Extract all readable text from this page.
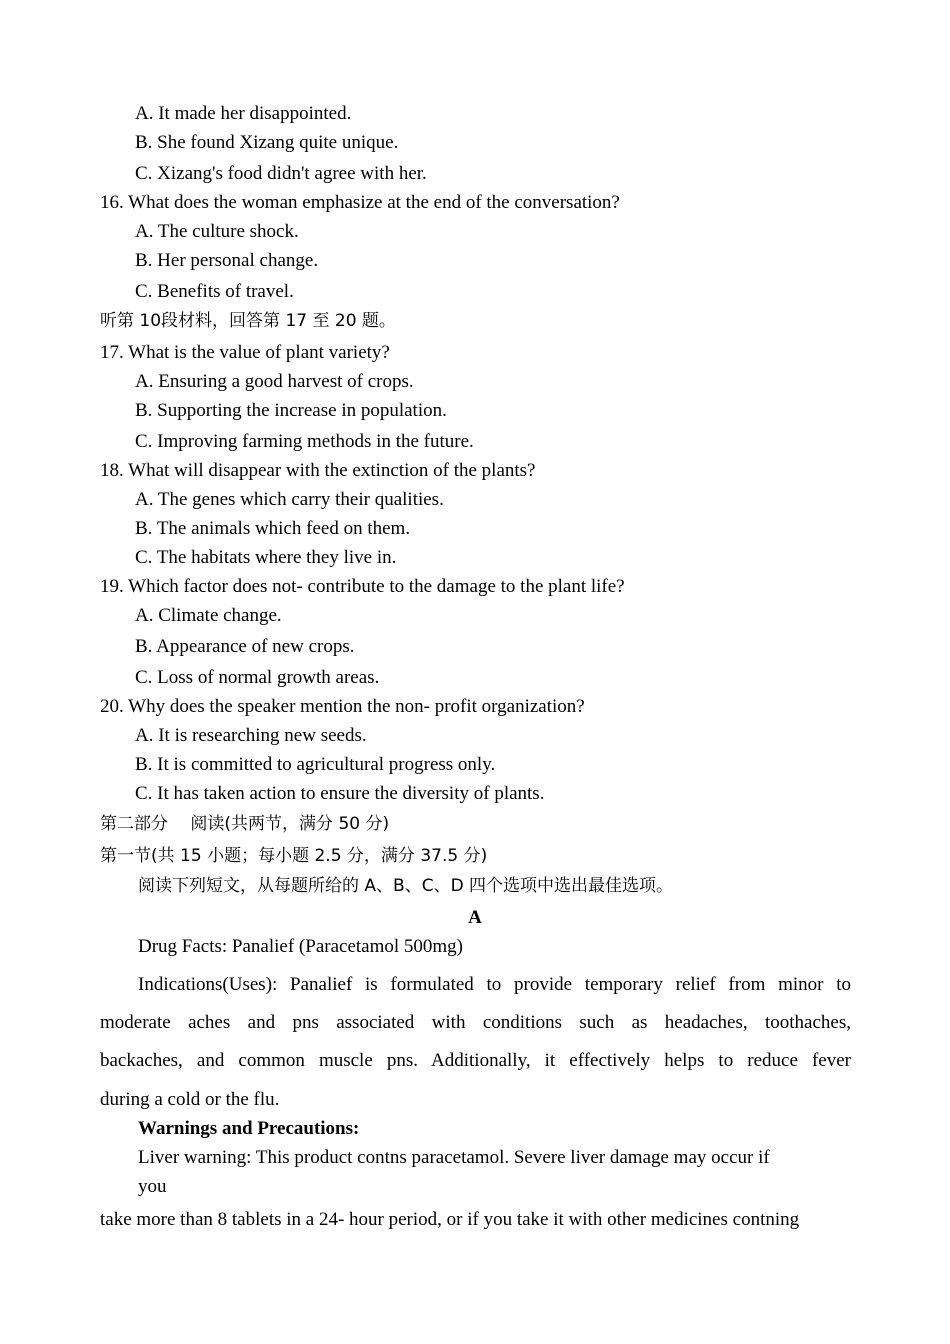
A. It made her disappointed.
B. She found Xizang quite unique.
C. Xizang's food didn't agree with her.
16. What does the woman emphasize at the end of the conversation?
A. The culture shock.
B. Her personal change.
C. Benefits of travel.
听第 10段材料，回答第 17 至 20 题。
17. What is the value of plant variety?
A. Ensuring a good harvest of crops.
B. Supporting the increase in population.
C. Improving farming methods in the future.
18. What will disappear with the extinction of the plants?
A. The genes which carry their qualities.
B. The animals which feed on them.
C. The habitats where they live in.
19. Which factor does not- contribute to the damage to the plant life?
A. Climate change.
B. Appearance of new crops.
C. Loss of normal growth areas.
20. Why does the speaker mention the non- profit organization?
A. It is researching new seeds.
B. It is committed to agricultural progress only.
C. It has taken action to ensure the diversity of plants.
第二部分　 阅读(共两节，满分 50 分)
第一节(共 15 小题；每小题 2.5 分，满分 37.5 分)
阅读下列短文，从每题所给的 A、B、C、D 四个选项中选出最佳选项。
A
Drug Facts: Panalief (Paracetamol 500mg)
Indications(Uses): Panalief is formulated to provide temporary relief from minor to
moderate aches and pns associated with conditions such as headaches, toothaches,
backaches, and common muscle pns. Additionally, it effectively helps to reduce fever
during a cold or the flu.
Warnings and Precautions:
Liver warning: This product contns paracetamol. Severe liver damage may occur if
you
take more than 8 tablets in a 24- hour period, or if you take it with other medicines contning
